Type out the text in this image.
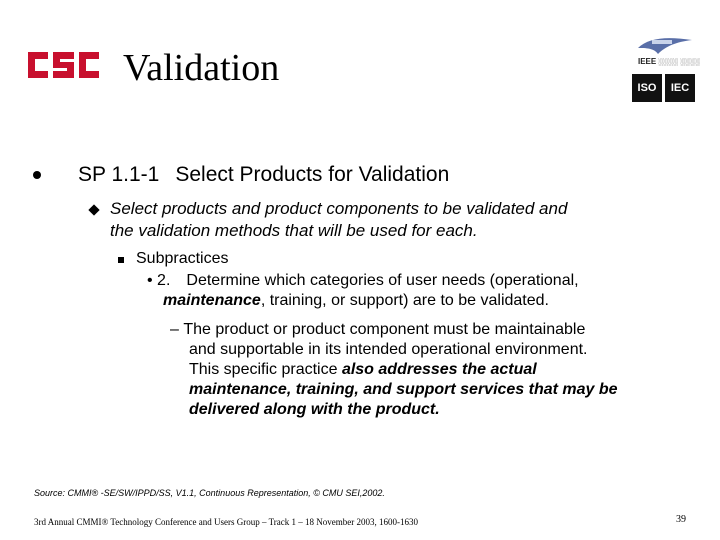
CSC Validation	IEEE ░░░░ ░░░░
ISO	IEC
SP 1.1-1 Select Products for Validation
Select products and product components to be validated and
the validation methods that will be used for each.
Subpractices
• 2. Determine which categories of user needs (operational,
maintenance, training, or support) are to be validated.
– The product or product component must be maintainable
and supportable in its intended operational environment.
This specific practice also addresses the actual
maintenance, training, and support services that may be
delivered along with the product.
Source: CMMI® -SE/SW/IPPD/SS, V1.1, Continuous Representation, © CMU SEI,2002.
3rd Annual CMMI® Technology Conference and Users Group – Track 1 – 18 November 2003, 1600-1630	39
